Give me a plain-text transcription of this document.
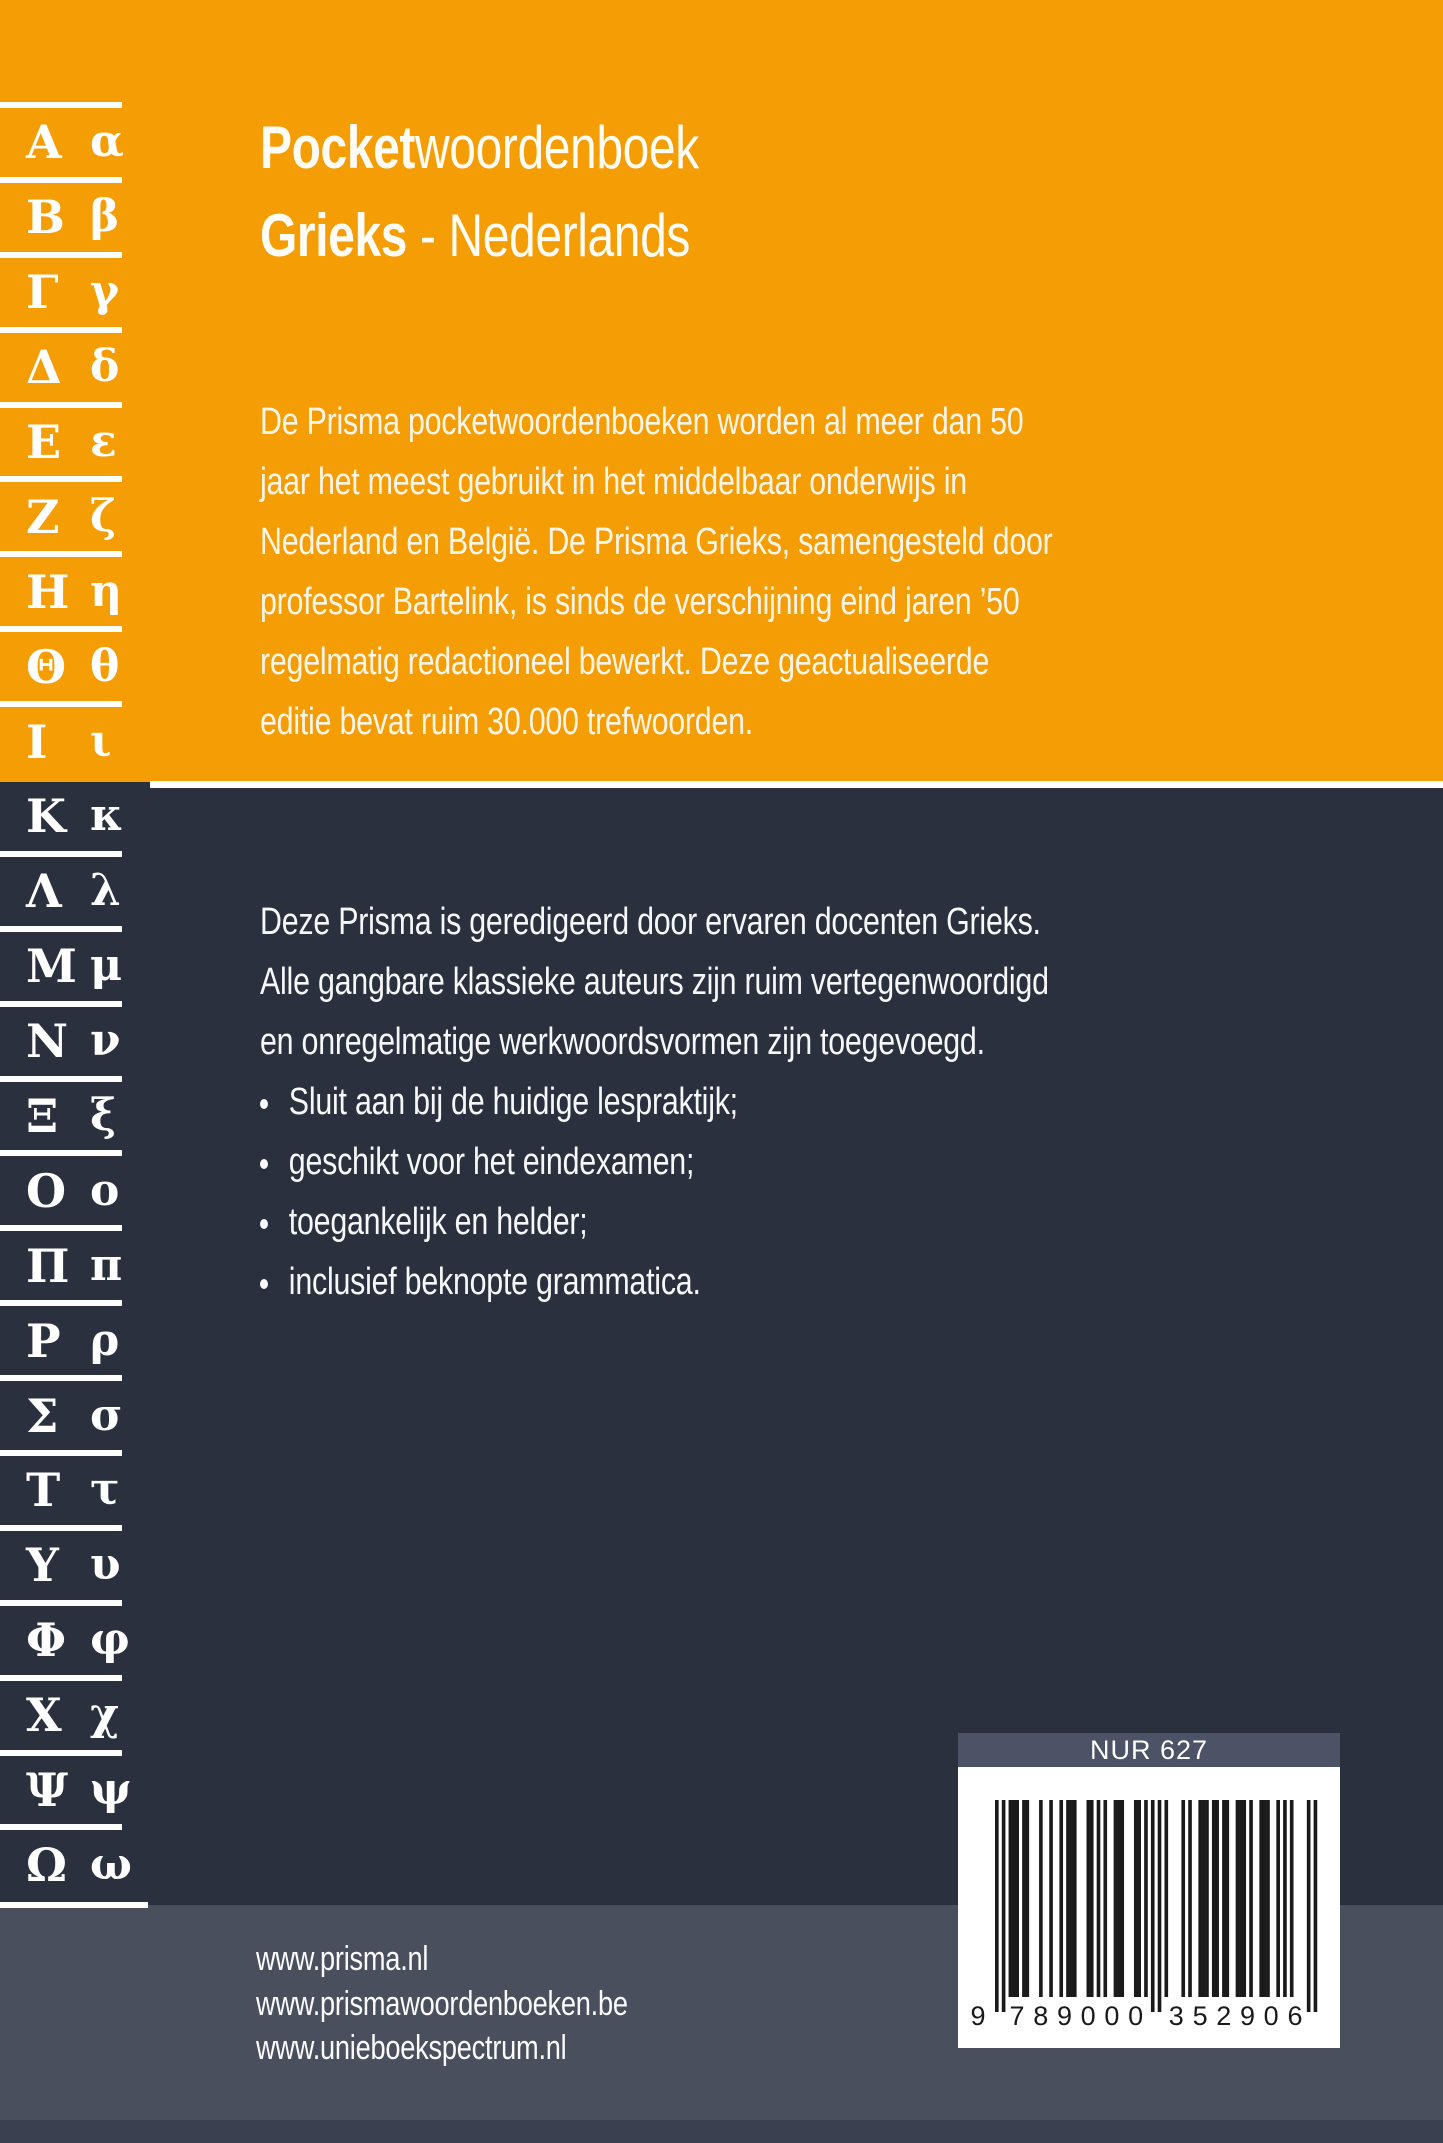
Α α
Β β
Γ γ
Δ δ
Ε ε
Ζ ζ
Η η
Θ θ
Ι ι
Κ κ
Λ λ
Μ μ
Ν ν
Ξ ξ
Ο ο
Π π
Ρ ρ
Σ σ
Τ τ
Υ υ
Φ φ
Χ χ
Ψ ψ
Ω ω
Pocketwoordenboek
Grieks - Nederlands
De Prisma pocketwoordenboeken worden al meer dan 50
jaar het meest gebruikt in het middelbaar onderwijs in
Nederland en België. De Prisma Grieks, samengesteld door
professor Bartelink, is sinds de verschijning eind jaren ’50
regelmatig redactioneel bewerkt. Deze geactualiseerde
editie bevat ruim 30.000 trefwoorden.
Deze Prisma is geredigeerd door ervaren docenten Grieks.
Alle gangbare klassieke auteurs zijn ruim vertegenwoordigd
en onregelmatige werkwoordsvormen zijn toegevoegd.
Sluit aan bij de huidige lespraktijk;
geschikt voor het eindexamen;
toegankelijk en helder;
inclusief beknopte grammatica.
www.prisma.nl
www.prismawoordenboeken.be
www.unieboekspectrum.nl
NUR 627
9 7 8 9 0 0 0 3 5 2 9 0 6
